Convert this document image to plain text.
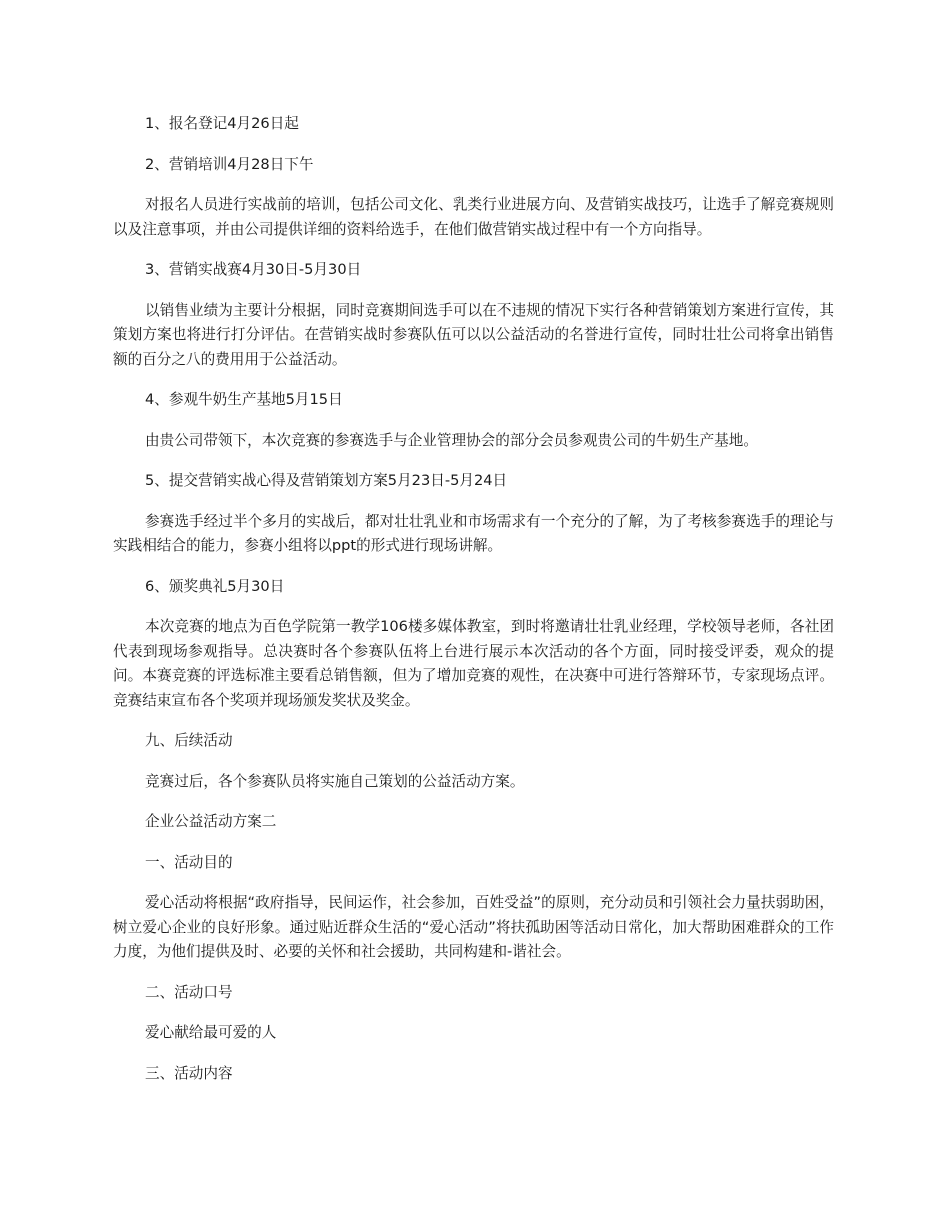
1、报名登记4月26日起

2、营销培训4月28日下午

对报名人员进行实战前的培训，包括公司文化、乳类行业进展方向、及营销实战技巧，让选手了解竞赛规则以及注意事项，并由公司提供详细的资料给选手，在他们做营销实战过程中有一个方向指导。

3、营销实战赛4月30日-5月30日

以销售业绩为主要计分根据，同时竞赛期间选手可以在不违规的情况下实行各种营销策划方案进行宣传，其策划方案也将进行打分评估。在营销实战时参赛队伍可以以公益活动的名誉进行宣传，同时壮壮公司将拿出销售额的百分之八的费用用于公益活动。

4、参观牛奶生产基地5月15日

由贵公司带领下，本次竞赛的参赛选手与企业管理协会的部分会员参观贵公司的牛奶生产基地。

5、提交营销实战心得及营销策划方案5月23日-5月24日

参赛选手经过半个多月的实战后，都对壮壮乳业和市场需求有一个充分的了解，为了考核参赛选手的理论与实践相结合的能力，参赛小组将以ppt的形式进行现场讲解。

6、颁奖典礼5月30日

本次竞赛的地点为百色学院第一教学106楼多媒体教室，到时将邀请壮壮乳业经理，学校领导老师，各社团代表到现场参观指导。总决赛时各个参赛队伍将上台进行展示本次活动的各个方面，同时接受评委，观众的提问。本赛竞赛的评选标准主要看总销售额，但为了增加竞赛的观性，在决赛中可进行答辩环节，专家现场点评。竞赛结束宣布各个奖项并现场颁发奖状及奖金。

九、后续活动

竞赛过后，各个参赛队员将实施自己策划的公益活动方案。

企业公益活动方案二

一、活动目的

爱心活动将根据“政府指导，民间运作，社会参加，百姓受益”的原则，充分动员和引领社会力量扶弱助困，树立爱心企业的良好形象。通过贴近群众生活的“爱心活动”将扶孤助困等活动日常化，加大帮助困难群众的工作力度，为他们提供及时、必要的关怀和社会援助，共同构建和-谐社会。

二、活动口号

爱心献给最可爱的人

三、活动内容
